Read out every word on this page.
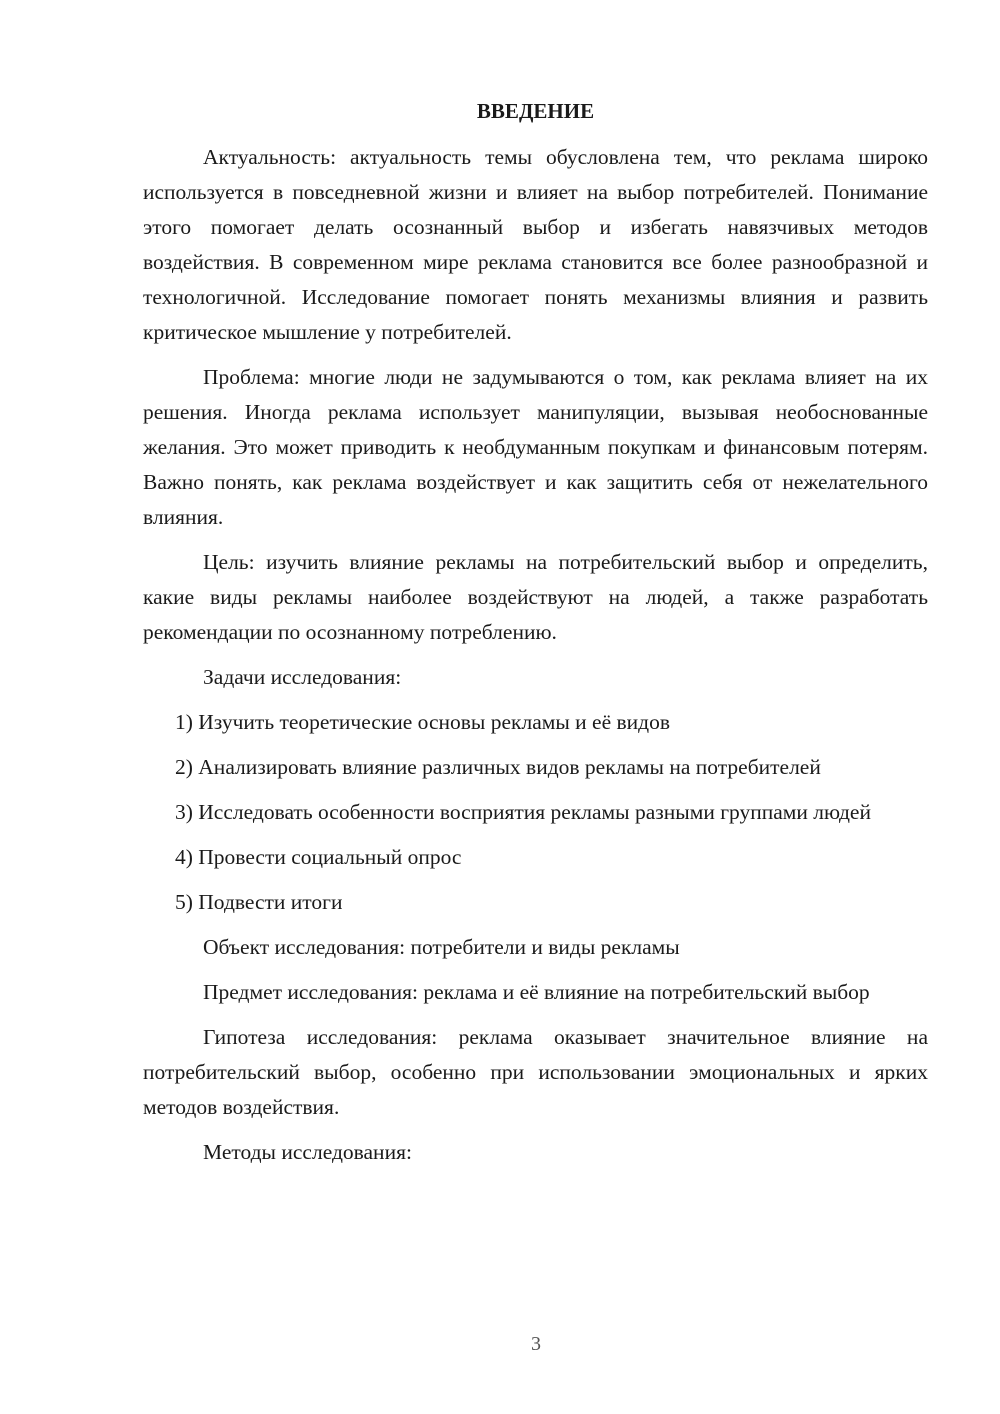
ВВЕДЕНИЕ

Актуальность: актуальность темы обусловлена тем, что реклама широко используется в повседневной жизни и влияет на выбор потребителей. Понимание этого помогает делать осознанный выбор и избегать навязчивых методов воздействия. В современном мире реклама становится все более разнообразной и технологичной. Исследование помогает понять механизмы влияния и развить критическое мышление у потребителей.

Проблема: многие люди не задумываются о том, как реклама влияет на их решения. Иногда реклама использует манипуляции, вызывая необоснованные желания. Это может приводить к необдуманным покупкам и финансовым потерям. Важно понять, как реклама воздействует и как защитить себя от нежелательного влияния.

Цель: изучить влияние рекламы на потребительский выбор и определить, какие виды рекламы наиболее воздействуют на людей, а также разработать рекомендации по осознанному потреблению.

Задачи исследования:

1) Изучить теоретические основы рекламы и её видов

2) Анализировать влияние различных видов рекламы на потребителей

3) Исследовать особенности восприятия рекламы разными группами людей

4) Провести социальный опрос

5) Подвести итоги

Объект исследования: потребители и виды рекламы

Предмет исследования: реклама и её влияние на потребительский выбор

Гипотеза исследования: реклама оказывает значительное влияние на потребительский выбор, особенно при использовании эмоциональных и ярких методов воздействия.

Методы исследования:

3
